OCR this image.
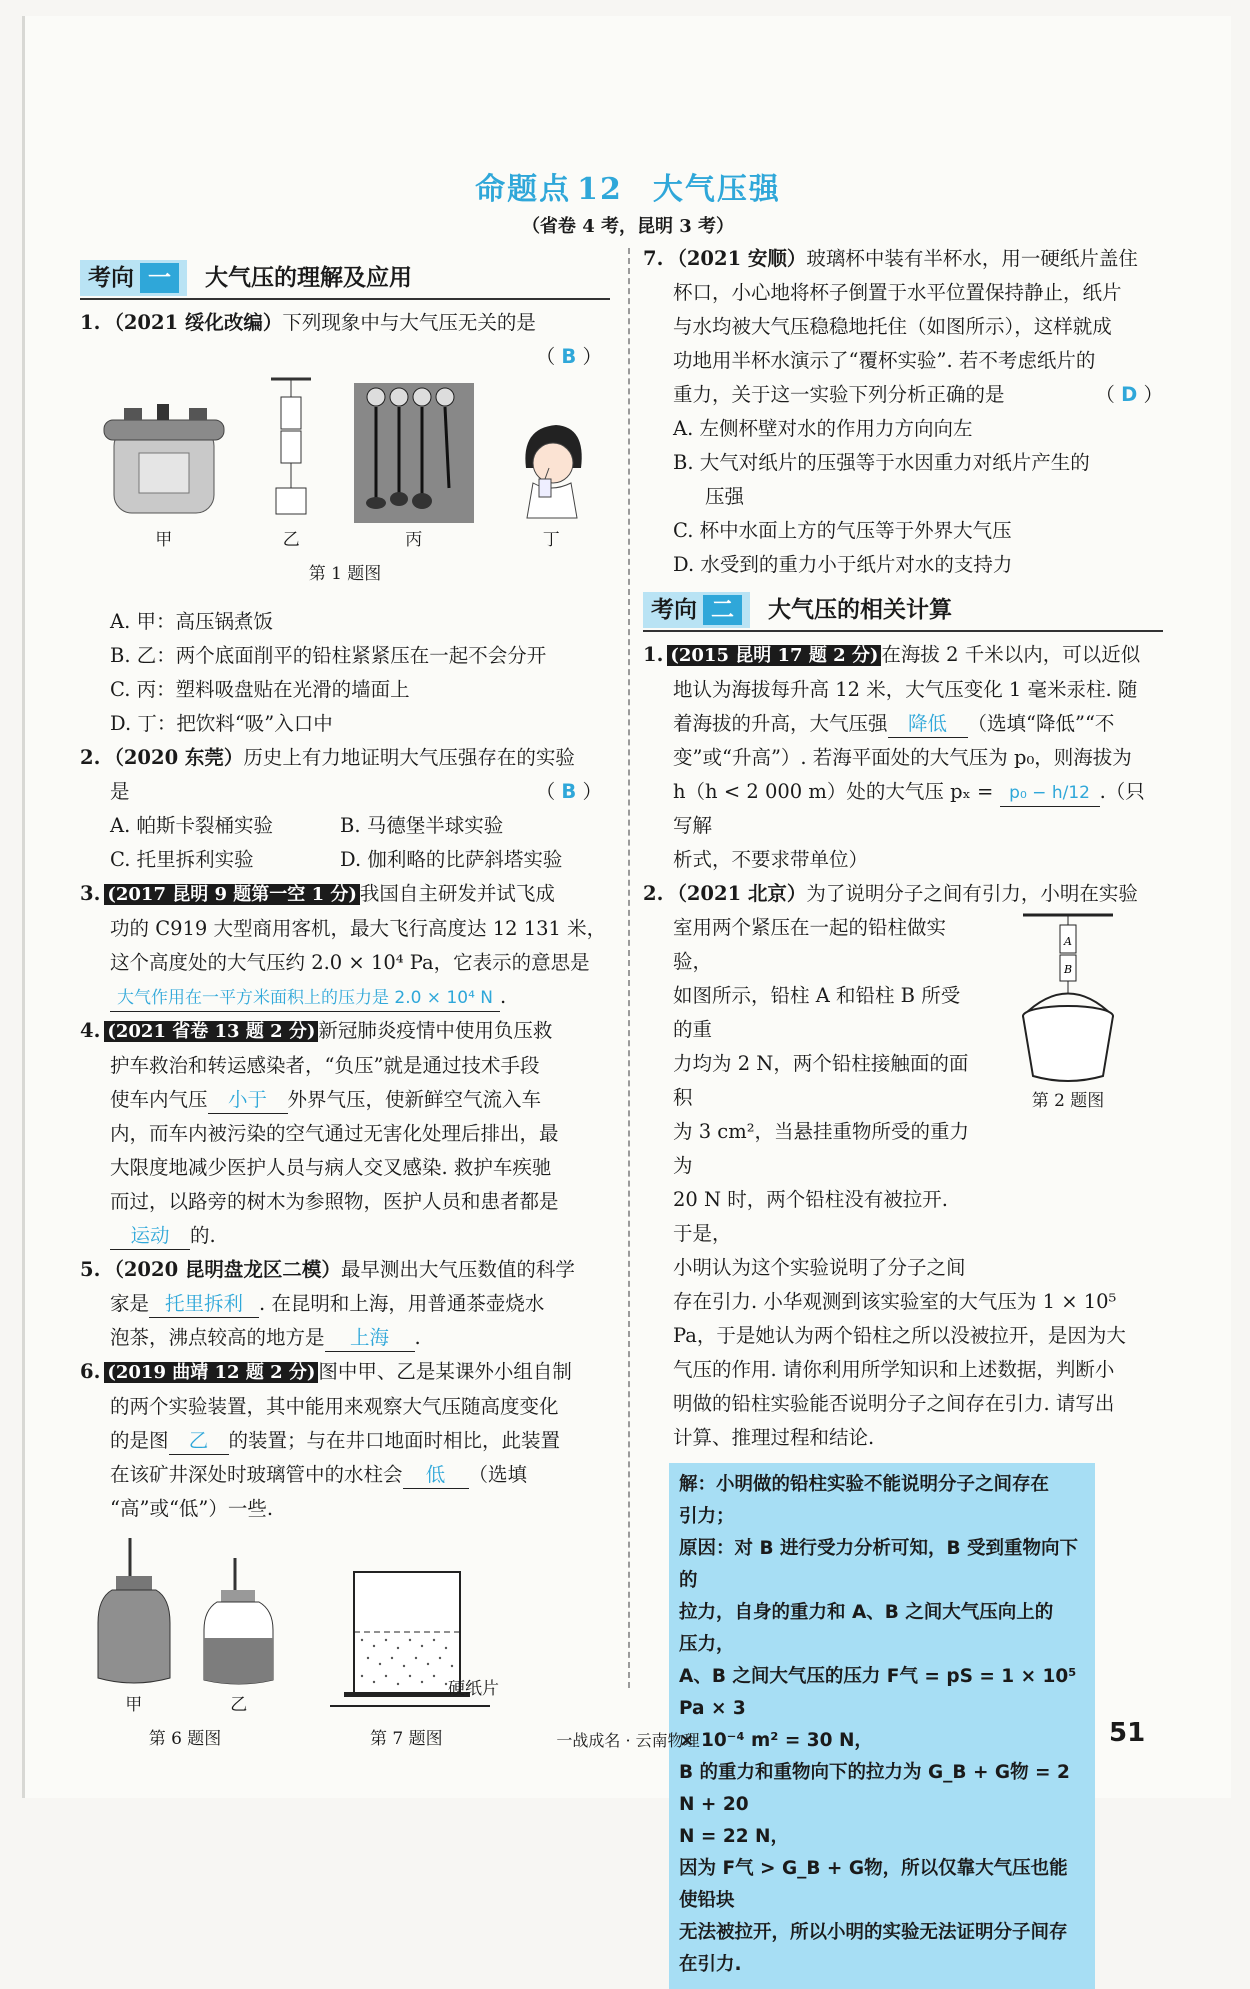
命题点 12 大气压强
（省卷 4 考，昆明 3 考）
考向 一	大气压的理解及应用
1. （2021 绥化改编）下列现象中与大气压无关的是
（ B ）
甲	乙	丙	丁
第 1 题图
A. 甲：高压锅煮饭
B. 乙：两个底面削平的铅柱紧紧压在一起不会分开
C. 丙：塑料吸盘贴在光滑的墙面上
D. 丁：把饮料“吸”入口中
2. （2020 东莞）历史上有力地证明大气压强存在的实验
是	（ B ）
A. 帕斯卡裂桶实验	B. 马德堡半球实验
C. 托里拆利实验	D. 伽利略的比萨斜塔实验
3. (2017 昆明 9 题第一空 1 分) 我国自主研发并试飞成
功的 C919 大型商用客机，最大飞行高度达 12 131 米，
这个高度处的大气压约 2.0 × 10⁴ Pa，它表示的意思是
大气作用在一平方米面积上的压力是 2.0 × 10⁴ N .
4. (2021 省卷 13 题 2 分) 新冠肺炎疫情中使用负压救
护车救治和转运感染者，“负压”就是通过技术手段
使车内气压 小于 外界气压，使新鲜空气流入车
内，而车内被污染的空气通过无害化处理后排出，最
大限度地减少医护人员与病人交叉感染. 救护车疾驰
而过，以路旁的树木为参照物，医护人员和患者都是
运动 的.
5. （2020 昆明盘龙区二模）最早测出大气压数值的科学
家是 托里拆利 . 在昆明和上海，用普通茶壶烧水
泡茶，沸点较高的地方是 上海 .
6. (2019 曲靖 12 题 2 分) 图中甲、乙是某课外小组自制
的两个实验装置，其中能用来观察大气压随高度变化
的是图 乙 的装置；与在井口地面时相比，此装置
在该矿井深处时玻璃管中的水柱会 低 （选填
“高”或“低”）一些.
甲	乙
第 6 题图
硬纸片
第 7 题图
7. （2021 安顺）玻璃杯中装有半杯水，用一硬纸片盖住
杯口，小心地将杯子倒置于水平位置保持静止，纸片
与水均被大气压稳稳地托住（如图所示），这样就成
功地用半杯水演示了“覆杯实验”. 若不考虑纸片的
重力，关于这一实验下列分析正确的是	（ D ）
A. 左侧杯壁对水的作用力方向向左
B. 大气对纸片的压强等于水因重力对纸片产生的
压强
C. 杯中水面上方的气压等于外界大气压
D. 水受到的重力小于纸片对水的支持力
考向 二	大气压的相关计算
1. (2015 昆明 17 题 2 分) 在海拔 2 千米以内，可以近似
地认为海拔每升高 12 米，大气压变化 1 毫米汞柱. 随
着海拔的升高，大气压强 降低 （选填“降低”“不
变”或“升高”）. 若海平面处的大气压为 p₀，则海拔为
h（h < 2 000 m）处的大气压 pₓ = p₀ − h/12 .（只写解
析式，不要求带单位）
2. （2021 北京）为了说明分子之间有引力，小明在实验
室用两个紧压在一起的铅柱做实验，
如图所示，铅柱 A 和铅柱 B 所受的重
力均为 2 N，两个铅柱接触面的面积
为 3 cm²，当悬挂重物所受的重力为
20 N 时，两个铅柱没有被拉开. 于是，
小明认为这个实验说明了分子之间
A
B
第 2 题图
存在引力. 小华观测到该实验室的大气压为 1 × 10⁵
Pa，于是她认为两个铅柱之所以没被拉开，是因为大
气压的作用. 请你利用所学知识和上述数据，判断小
明做的铅柱实验能否说明分子之间存在引力. 请写出
计算、推理过程和结论.
解：小明做的铅柱实验不能说明分子之间存在
引力；
原因：对 B 进行受力分析可知，B 受到重物向下的
拉力，自身的重力和 A、B 之间大气压向上的
压力，
A、B 之间大气压的压力 F气 = pS = 1 × 10⁵ Pa × 3
× 10⁻⁴ m² = 30 N，
B 的重力和重物向下的拉力为 G_B + G物 = 2 N + 20
N = 22 N，
因为 F气 > G_B + G物，所以仅靠大气压也能使铅块
无法被拉开，所以小明的实验无法证明分子间存
在引力.
一战成名 · 云南物理	51
